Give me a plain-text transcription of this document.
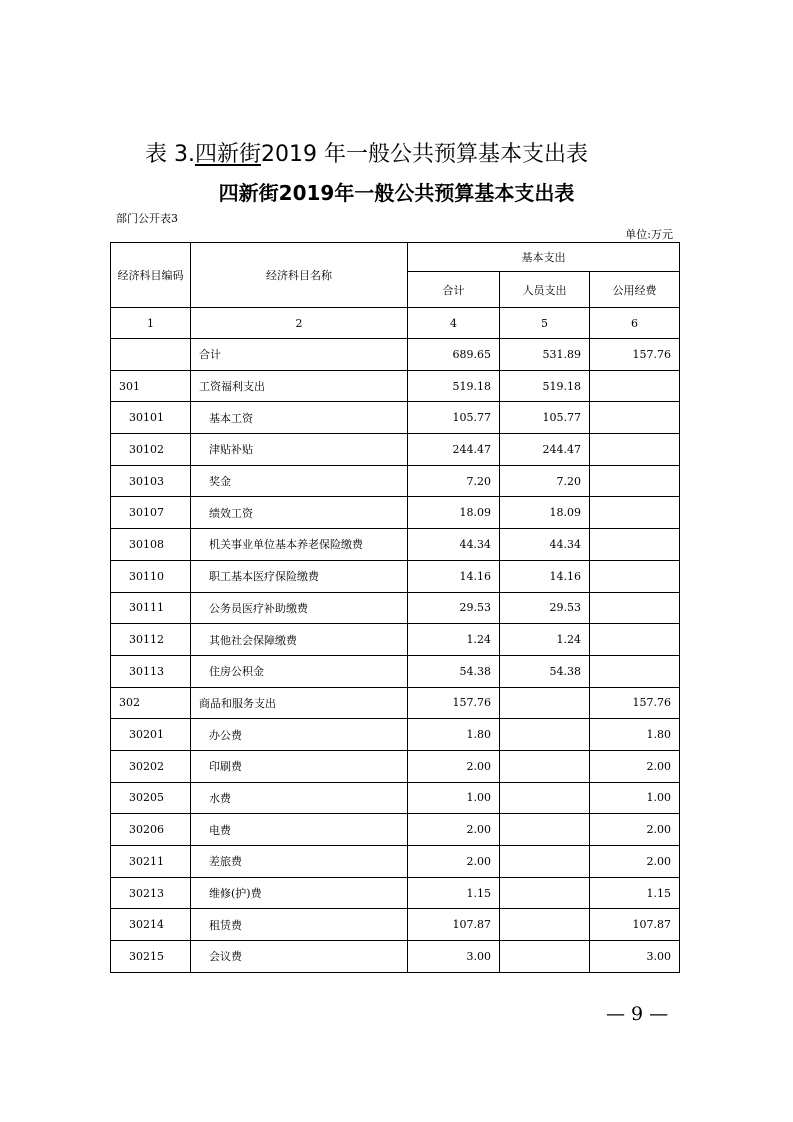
表 3.四新街2019 年一般公共预算基本支出表
四新街2019年一般公共预算基本支出表
部门公开表3
单位:万元
经济科目编码	经济科目名称	基本支出		
		合计	人员支出	公用经费
1	2	4	5	6
	合计	689.65	531.89	157.76
301	工资福利支出	519.18	519.18	
30101	基本工资	105.77	105.77	
30102	津贴补贴	244.47	244.47	
30103	奖金	7.20	7.20	
30107	绩效工资	18.09	18.09	
30108	机关事业单位基本养老保险缴费	44.34	44.34	
30110	职工基本医疗保险缴费	14.16	14.16	
30111	公务员医疗补助缴费	29.53	29.53	
30112	其他社会保障缴费	1.24	1.24	
30113	住房公积金	54.38	54.38	
302	商品和服务支出	157.76		157.76
30201	办公费	1.80		1.80
30202	印刷费	2.00		2.00
30205	水费	1.00		1.00
30206	电费	2.00		2.00
30211	差旅费	2.00		2.00
30213	维修(护)费	1.15		1.15
30214	租赁费	107.87		107.87
30215	会议费	3.00		3.00
— 9 —
